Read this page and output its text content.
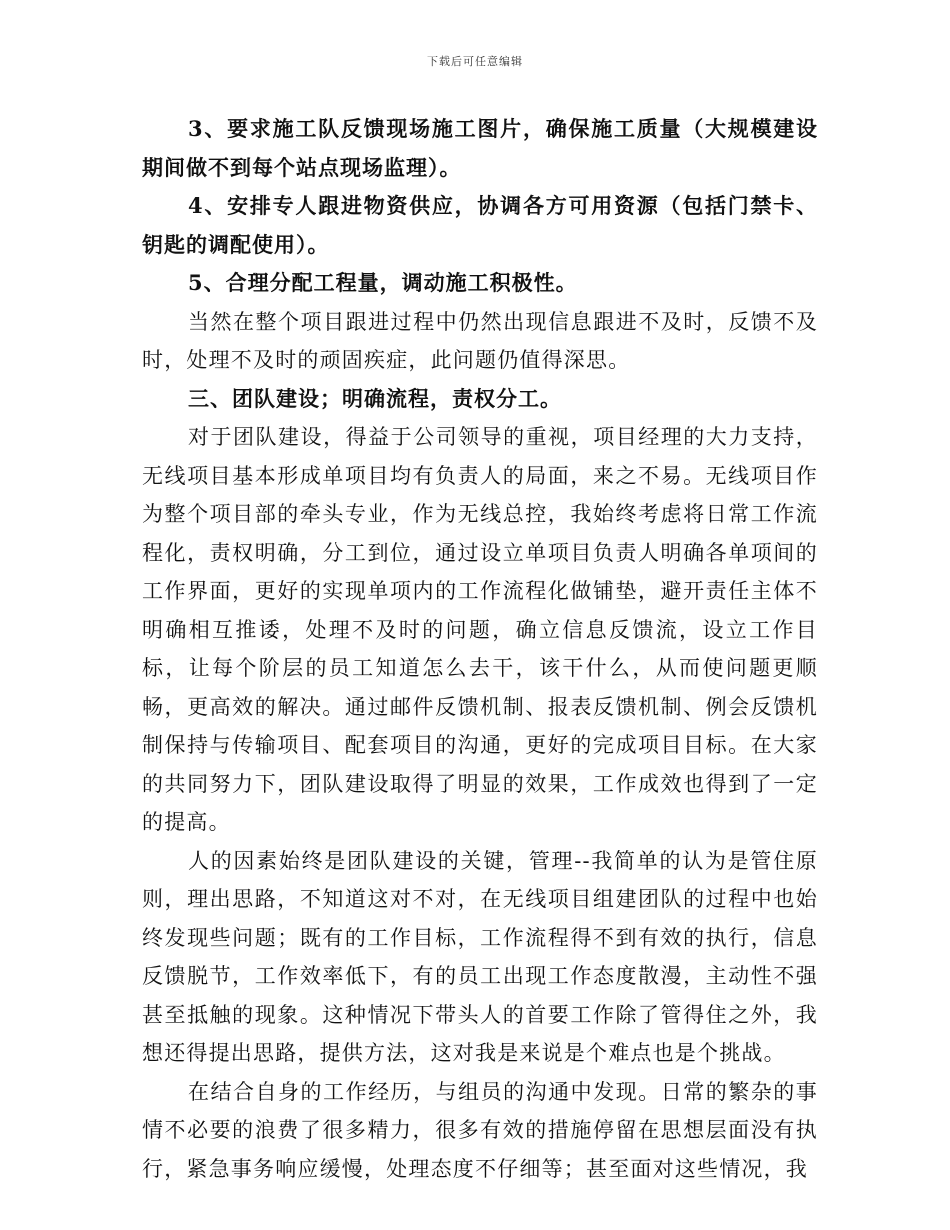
下载后可任意编辑

3、要求施工队反馈现场施工图片，确保施工质量（大规模建设期间做不到每个站点现场监理）。

4、安排专人跟进物资供应，协调各方可用资源（包括门禁卡、钥匙的调配使用）。

5、合理分配工程量，调动施工积极性。

当然在整个项目跟进过程中仍然出现信息跟进不及时，反馈不及时，处理不及时的顽固疾症，此问题仍值得深思。

三、团队建设；明确流程，责权分工。

对于团队建设，得益于公司领导的重视，项目经理的大力支持，无线项目基本形成单项目均有负责人的局面，来之不易。无线项目作为整个项目部的牵头专业，作为无线总控，我始终考虑将日常工作流程化，责权明确，分工到位，通过设立单项目负责人明确各单项间的工作界面，更好的实现单项内的工作流程化做铺垫，避开责任主体不明确相互推诿，处理不及时的问题，确立信息反馈流，设立工作目标，让每个阶层的员工知道怎么去干，该干什么，从而使问题更顺畅，更高效的解决。通过邮件反馈机制、报表反馈机制、例会反馈机制保持与传输项目、配套项目的沟通，更好的完成项目目标。在大家的共同努力下，团队建设取得了明显的效果，工作成效也得到了一定的提高。

人的因素始终是团队建设的关键，管理--我简单的认为是管住原则，理出思路，不知道这对不对，在无线项目组建团队的过程中也始终发现些问题；既有的工作目标，工作流程得不到有效的执行，信息反馈脱节，工作效率低下，有的员工出现工作态度散漫，主动性不强甚至抵触的现象。这种情况下带头人的首要工作除了管得住之外，我想还得提出思路，提供方法，这对我是来说是个难点也是个挑战。

在结合自身的工作经历，与组员的沟通中发现。日常的繁杂的事情不必要的浪费了很多精力，很多有效的措施停留在思想层面没有执行，紧急事务响应缓慢，处理态度不仔细等；甚至面对这些情况，我
